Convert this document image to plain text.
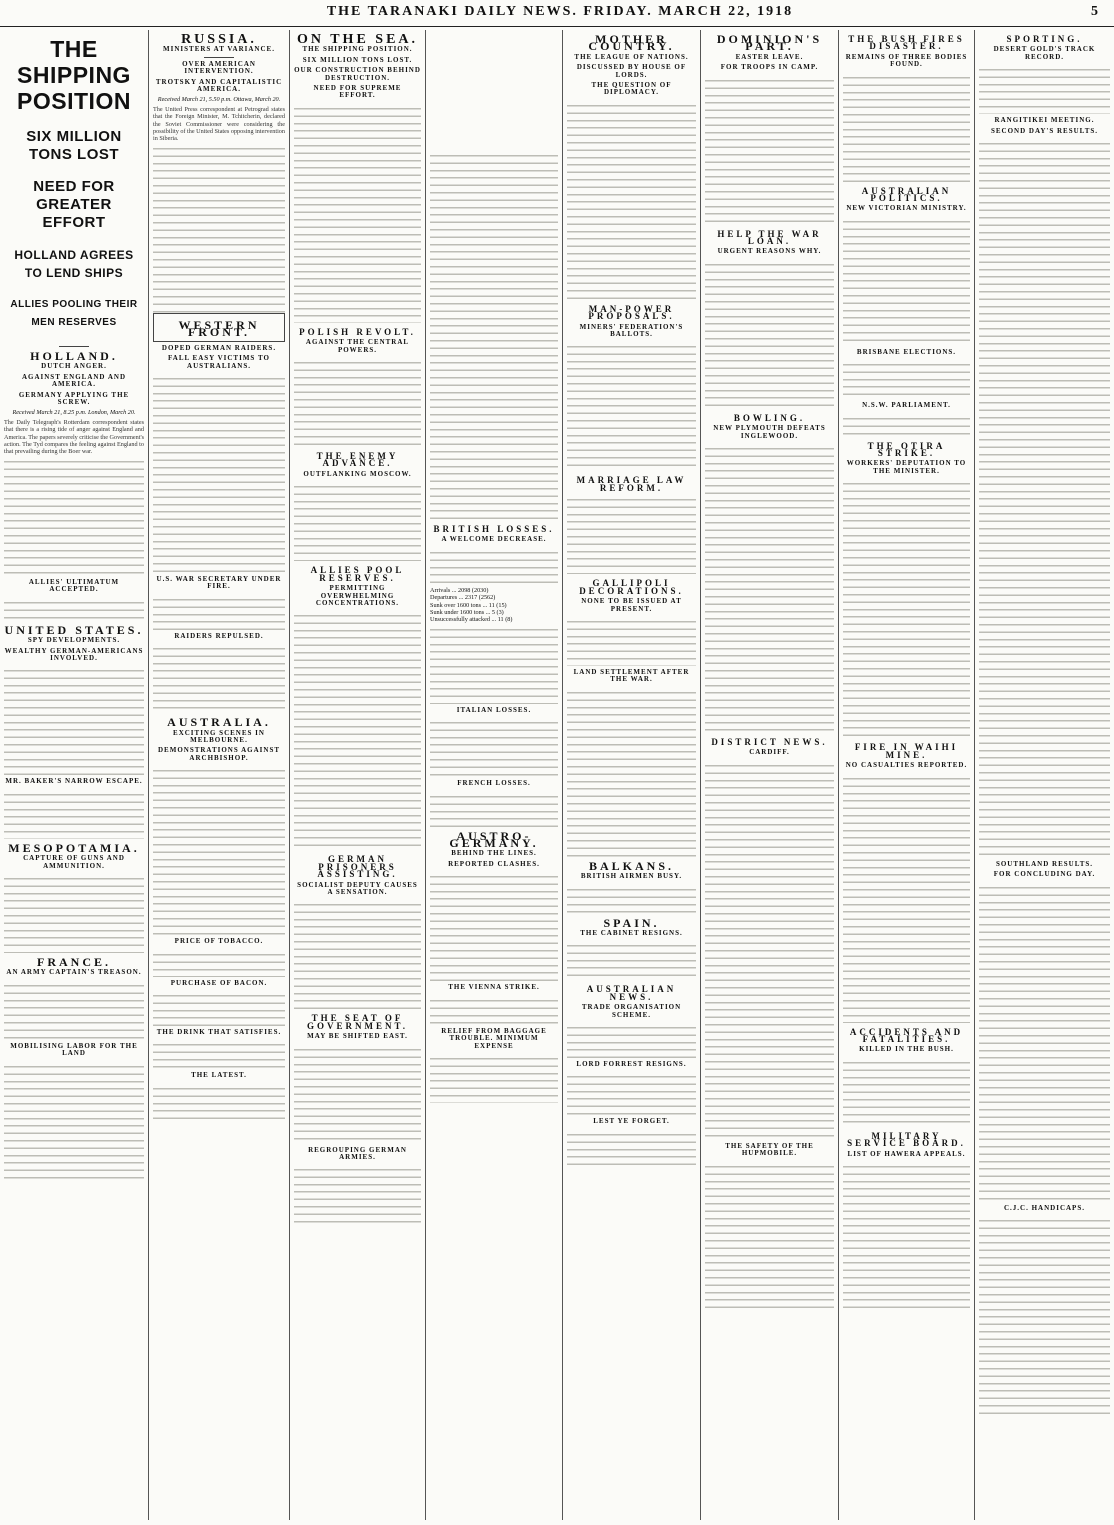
THE TARANAKI DAILY NEWS. FRIDAY. MARCH 22, 1918	5
THE SHIPPING POSITION
SIX MILLION TONS LOST
NEED FOR GREATER EFFORT
HOLLAND AGREES TO LEND SHIPS
ALLIES POOLING THEIR MEN RESERVES
HOLLAND.
DUTCH ANGER.
AGAINST ENGLAND AND AMERICA.
GERMANY APPLYING THE SCREW.
Received March 21, 8.25 p.m. London, March 20.
The Daily Telegraph's Rotterdam correspondent states that there is a rising tide of anger against England and America. The papers severely criticise the Government's action. The Tyd compares the feeling against England to that prevailing during the Boer war.
ALLIES' ULTIMATUM ACCEPTED.
UNITED STATES.
SPY DEVELOPMENTS.
WEALTHY GERMAN-AMERICANS INVOLVED.
MR. BAKER'S NARROW ESCAPE.
MESOPOTAMIA.
CAPTURE OF GUNS AND AMMUNITION.
FRANCE.
AN ARMY CAPTAIN'S TREASON.
MOBILISING LABOR FOR THE LAND
RUSSIA.
MINISTERS AT VARIANCE.
OVER AMERICAN INTERVENTION.
TROTSKY AND CAPITALISTIC AMERICA.
Received March 21, 5.50 p.m. Ottawa, March 20.
The United Press correspondent at Petrograd states that the Foreign Minister, M. Tchitcherin, declared the Soviet Commissioner were considering the possibility of the United States opposing intervention in Siberia.
WESTERN FRONT.
DOPED GERMAN RAIDERS.
FALL EASY VICTIMS TO AUSTRALIANS.
U.S. WAR SECRETARY UNDER FIRE.
RAIDERS REPULSED.
AUSTRALIA.
EXCITING SCENES IN MELBOURNE.
DEMONSTRATIONS AGAINST ARCHBISHOP.
PRICE OF TOBACCO.
PURCHASE OF BACON.
THE DRINK THAT SATISFIES.
THE LATEST.
ON THE SEA.
THE SHIPPING POSITION.
SIX MILLION TONS LOST.
OUR CONSTRUCTION BEHIND DESTRUCTION.
NEED FOR SUPREME EFFORT.
POLISH REVOLT.
AGAINST THE CENTRAL POWERS.
THE ENEMY ADVANCE.
OUTFLANKING MOSCOW.
ALLIES POOL RESERVES.
PERMITTING OVERWHELMING CONCENTRATIONS.
GERMAN PRISONERS ASSISTING.
SOCIALIST DEPUTY CAUSES A SENSATION.
THE SEAT OF GOVERNMENT.
MAY BE SHIFTED EAST.
REGROUPING GERMAN ARMIES.
BRITISH LOSSES.
A WELCOME DECREASE.
Arrivals ... 2098 (2030)
Departures ... 2317 (2562)
Sunk over 1600 tons ... 11 (15)
Sunk under 1600 tons ... 5 (3)
Unsuccessfully attacked ... 11 (8)
ITALIAN LOSSES.
FRENCH LOSSES.
AUSTRO-GERMANY.
BEHIND THE LINES.
REPORTED CLASHES.
THE VIENNA STRIKE.
RELIEF FROM BAGGAGE TROUBLE. MINIMUM EXPENSE
MOTHER COUNTRY.
THE LEAGUE OF NATIONS.
DISCUSSED BY HOUSE OF LORDS.
THE QUESTION OF DIPLOMACY.
MAN-POWER PROPOSALS.
MINERS' FEDERATION'S BALLOTS.
MARRIAGE LAW REFORM.
GALLIPOLI DECORATIONS.
NONE TO BE ISSUED AT PRESENT.
LAND SETTLEMENT AFTER THE WAR.
BALKANS.
BRITISH AIRMEN BUSY.
SPAIN.
THE CABINET RESIGNS.
AUSTRALIAN NEWS.
TRADE ORGANISATION SCHEME.
LORD FORREST RESIGNS.
LEST YE FORGET.
DOMINION'S PART.
EASTER LEAVE.
FOR TROOPS IN CAMP.
HELP THE WAR LOAN.
URGENT REASONS WHY.
BOWLING.
NEW PLYMOUTH DEFEATS INGLEWOOD.
DISTRICT NEWS.
CARDIFF.
THE SAFETY OF THE HUPMOBILE.
THE BUSH FIRES DISASTER.
REMAINS OF THREE BODIES FOUND.
AUSTRALIAN POLITICS.
NEW VICTORIAN MINISTRY.
BRISBANE ELECTIONS.
N.S.W. PARLIAMENT.
THE OTIRA STRIKE.
WORKERS' DEPUTATION TO THE MINISTER.
FIRE IN WAIHI MINE.
NO CASUALTIES REPORTED.
ACCIDENTS AND FATALITIES.
KILLED IN THE BUSH.
MILITARY SERVICE BOARD.
LIST OF HAWERA APPEALS.
SPORTING.
DESERT GOLD'S TRACK RECORD.
RANGITIKEI MEETING.
SECOND DAY'S RESULTS.
SOUTHLAND RESULTS.
FOR CONCLUDING DAY.
C.J.C. HANDICAPS.
